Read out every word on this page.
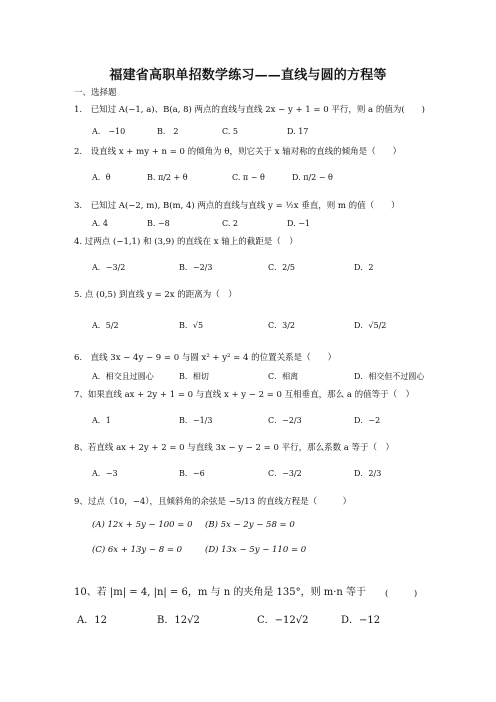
福建省高职单招数学练习——直线与圆的方程等
一、选择题
1.　已知过 A(−1, a)、B(a, 8) 两点的直线与直线 2x − y + 1 = 0 平行，则 a 的值为(　　)
A.　−10	B.　2	C. 5	D. 17
2.　设直线 x + my + n = 0 的倾角为 θ，则它关于 x 轴对称的直线的倾角是（　　）
A．θ	B. π/2 + θ	C. π − θ	D. π/2 − θ
3.　已知过 A(−2, m), B(m, 4) 两点的直线与直线 y = ½x 垂直，则 m 的值（　　）
A. 4	B. −8	C. 2	D. −1
4. 过两点 (−1,1) 和 (3,9) 的直线在 x 轴上的截距是（　）
A．−3/2	B．−2/3	C．2/5	D．2
5. 点 (0,5) 到直线 y = 2x 的距离为（　）
A．5/2	B．√5	C．3/2	D．√5/2
6.　直线 3x − 4y − 9 = 0 与圆 x² + y² = 4 的位置关系是（　　）
A．相交且过圆心	B．相切	C．相离	D．相交但不过圆心
7、如果直线 ax + 2y + 1 = 0 与直线 x + y − 2 = 0 互相垂直，那么 a 的值等于（　）
A．1	B．−1/3	C．−2/3	D．−2
8、若直线 ax + 2y + 2 = 0 与直线 3x − y − 2 = 0 平行，那么系数 a 等于（　）
A．−3	B．−6	C．−3/2	D．2/3
9、过点（10，−4），且倾斜角的余弦是 −5/13 的直线方程是（　　　）
(A) 12x + 5y − 100 = 0 (B) 5x − 2y − 58 = 0
(C) 6x + 13y − 8 = 0	(D) 13x − 5y − 110 = 0
10、若 |m| = 4, |n| = 6，m 与 n 的夹角是 135°，则 m·n 等于 (　　　)
A．12	B．12√2	C．−12√2	D．−12
